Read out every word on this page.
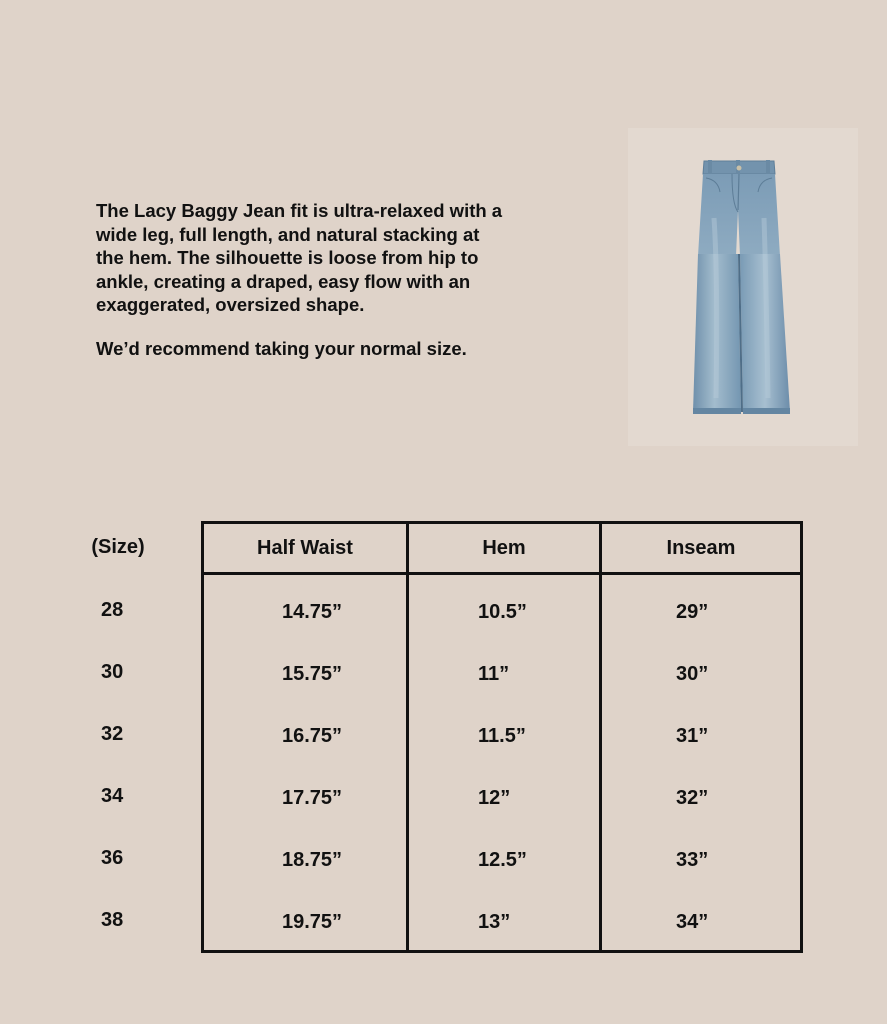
The Lacy Baggy Jean fit is ultra-relaxed with a
wide leg, full length, and natural stacking at
the hem. The silhouette is loose from hip to
ankle, creating a draped, easy flow with an
exaggerated, oversized shape.

We’d recommend taking your normal size.

(Size)
28
30
32
34
36
38
Half Waist	Hem	Inseam
14.75”
15.75”
16.75”
17.75”
18.75”
19.75”
10.5”
11”
11.5”
12”
12.5”
13”
29”
30”
31”
32”
33”
34”
